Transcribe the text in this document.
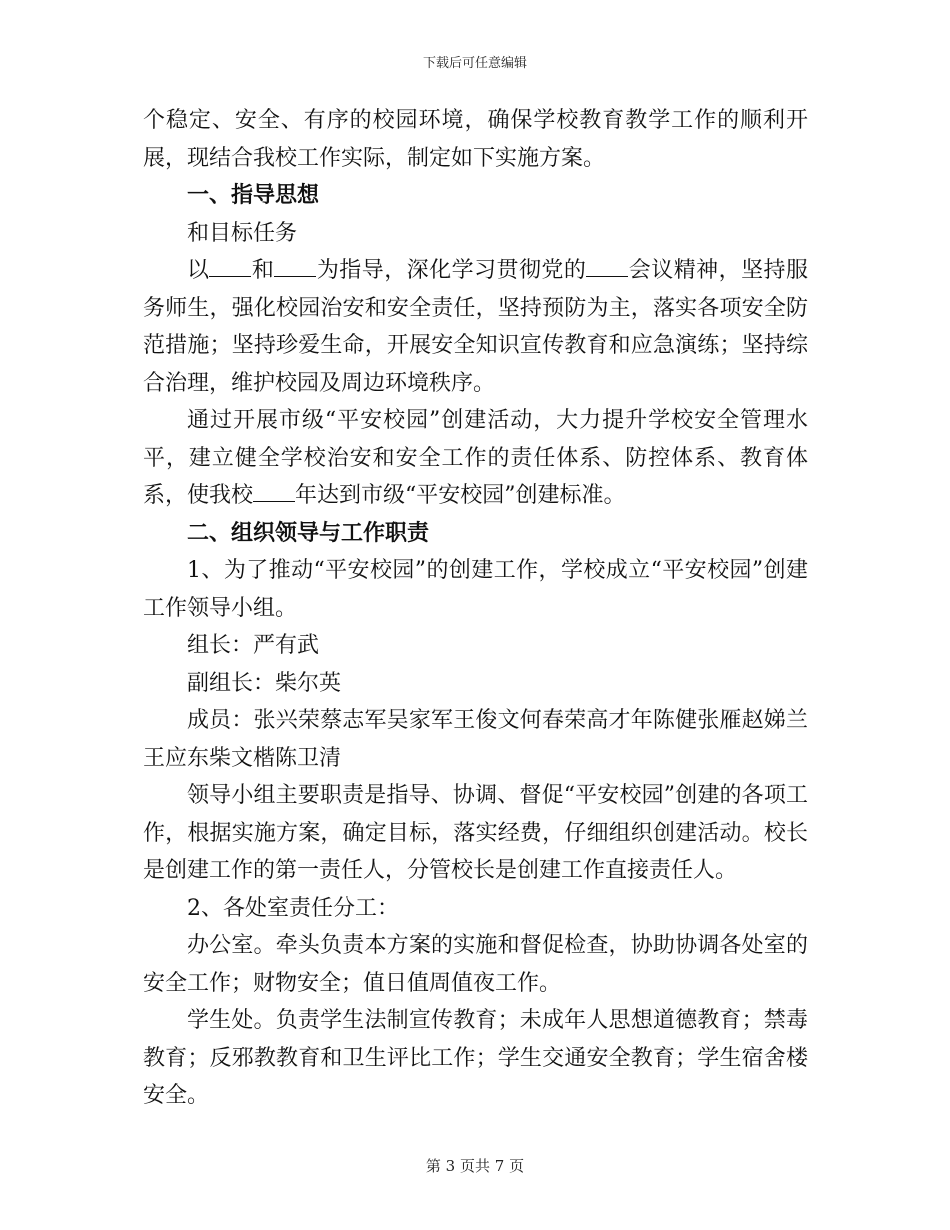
下载后可任意编辑

个稳定、安全、有序的校园环境，确保学校教育教学工作的顺利开展，现结合我校工作实际，制定如下实施方案。

一、指导思想

和目标任务

以 和 为指导，深化学习贯彻党的 会议精神，坚持服务师生，强化校园治安和安全责任，坚持预防为主，落实各项安全防范措施；坚持珍爱生命，开展安全知识宣传教育和应急演练；坚持综合治理，维护校园及周边环境秩序。

通过开展市级“平安校园”创建活动，大力提升学校安全管理水平，建立健全学校治安和安全工作的责任体系、防控体系、教育体系，使我校 年达到市级“平安校园”创建标准。

二、组织领导与工作职责

1、为了推动“平安校园”的创建工作，学校成立“平安校园”创建工作领导小组。

组长：严有武

副组长：柴尔英

成员：张兴荣蔡志军吴家军王俊文何春荣高才年陈健张雁赵娣兰王应东柴文楷陈卫清

领导小组主要职责是指导、协调、督促“平安校园”创建的各项工作，根据实施方案，确定目标，落实经费，仔细组织创建活动。校长是创建工作的第一责任人，分管校长是创建工作直接责任人。

2、各处室责任分工：

办公室。牵头负责本方案的实施和督促检查，协助协调各处室的安全工作；财物安全；值日值周值夜工作。

学生处。负责学生法制宣传教育；未成年人思想道德教育；禁毒教育；反邪教教育和卫生评比工作；学生交通安全教育；学生宿舍楼安全。

第 3 页共 7 页
